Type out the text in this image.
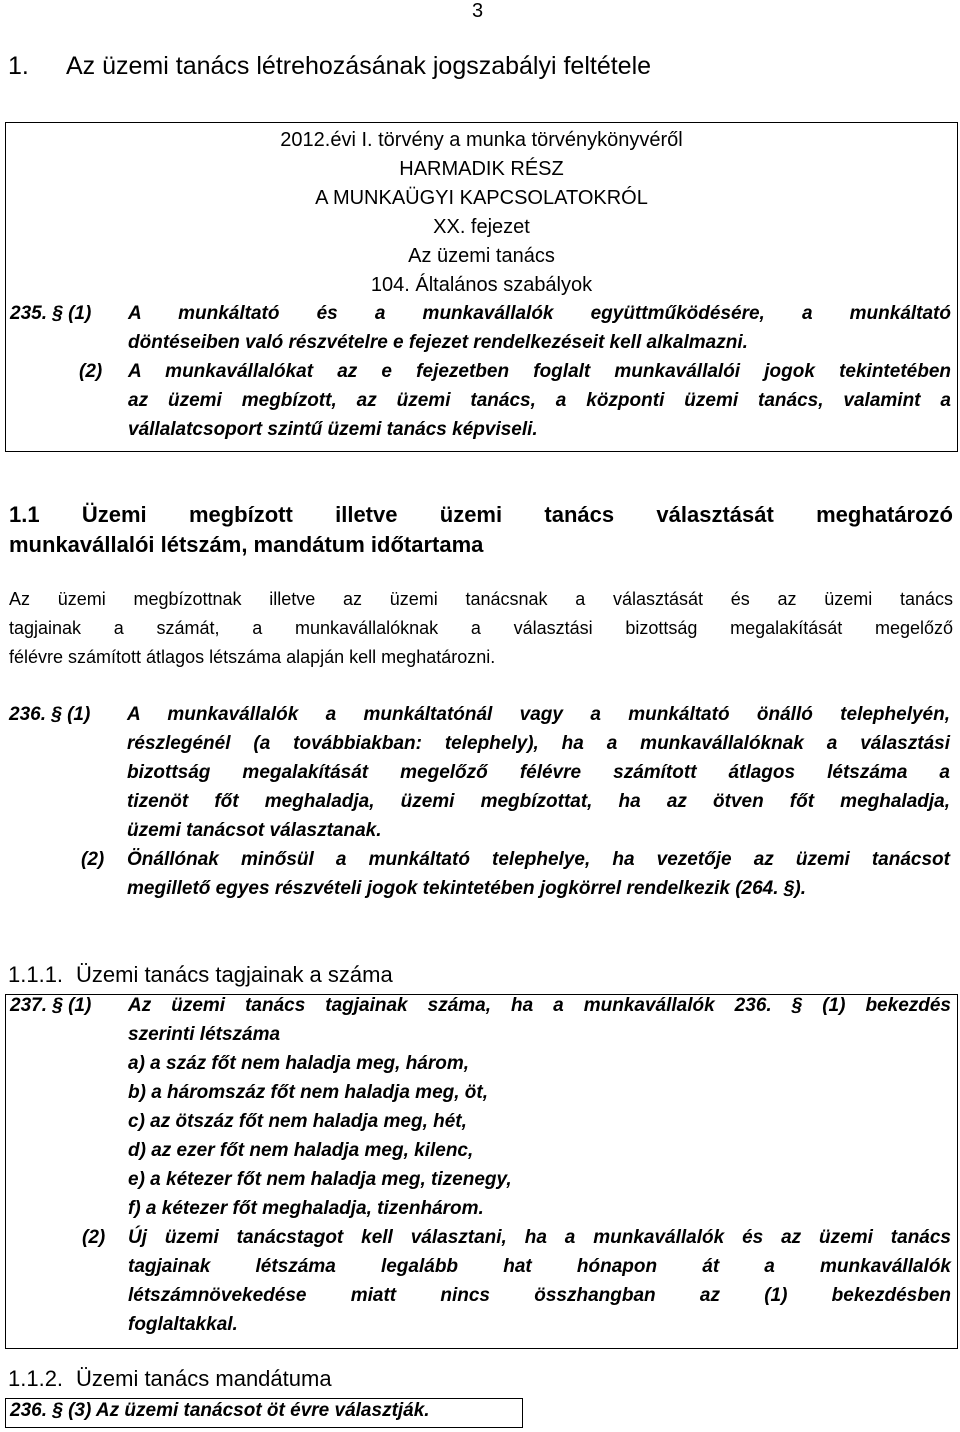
3
1. Az üzemi tanács létrehozásának jogszabályi feltétele
2012.évi I. törvény a munka törvénykönyvéről
HARMADIK RÉSZ
A MUNKAÜGYI KAPCSOLATOKRÓL
XX. fejezet
Az üzemi tanács
104. Általános szabályok
235. § (1) A munkáltató és a munkavállalók együttműködésére, a munkáltató
döntéseiben való részvételre e fejezet rendelkezéseit kell alkalmazni.
(2) A munkavállalókat az e fejezetben foglalt munkavállalói jogok tekintetében
az üzemi megbízott, az üzemi tanács, a központi üzemi tanács, valamint a
vállalatcsoport szintű üzemi tanács képviseli.
1.1 Üzemi megbízott illetve üzemi tanács választását meghatározó
munkavállalói létszám, mandátum időtartama
Az üzemi megbízottnak illetve az üzemi tanácsnak a választását és az üzemi tanács
tagjainak a számát, a munkavállalóknak a választási bizottság megalakítását megelőző
félévre számított átlagos létszáma alapján kell meghatározni.
236. § (1) A munkavállalók a munkáltatónál vagy a munkáltató önálló telephelyén,
részlegénél (a továbbiakban: telephely), ha a munkavállalóknak a választási
bizottság megalakítását megelőző félévre számított átlagos létszáma a
tizenöt főt meghaladja, üzemi megbízottat, ha az ötven főt meghaladja,
üzemi tanácsot választanak.
(2) Önállónak minősül a munkáltató telephelye, ha vezetője az üzemi tanácsot
megillető egyes részvételi jogok tekintetében jogkörrel rendelkezik (264. §).
1.1.1. Üzemi tanács tagjainak a száma
237. § (1) Az üzemi tanács tagjainak száma, ha a munkavállalók 236. § (1) bekezdés
szerinti létszáma
a) a száz főt nem haladja meg, három,
b) a háromszáz főt nem haladja meg, öt,
c) az ötszáz főt nem haladja meg, hét,
d) az ezer főt nem haladja meg, kilenc,
e) a kétezer főt nem haladja meg, tizenegy,
f) a kétezer főt meghaladja, tizenhárom.
(2) Új üzemi tanácstagot kell választani, ha a munkavállalók és az üzemi tanács
tagjainak létszáma legalább hat hónapon át a munkavállalók
létszámnövekedése miatt nincs összhangban az (1) bekezdésben
foglaltakkal.
1.1.2. Üzemi tanács mandátuma
236. § (3) Az üzemi tanácsot öt évre választják.
